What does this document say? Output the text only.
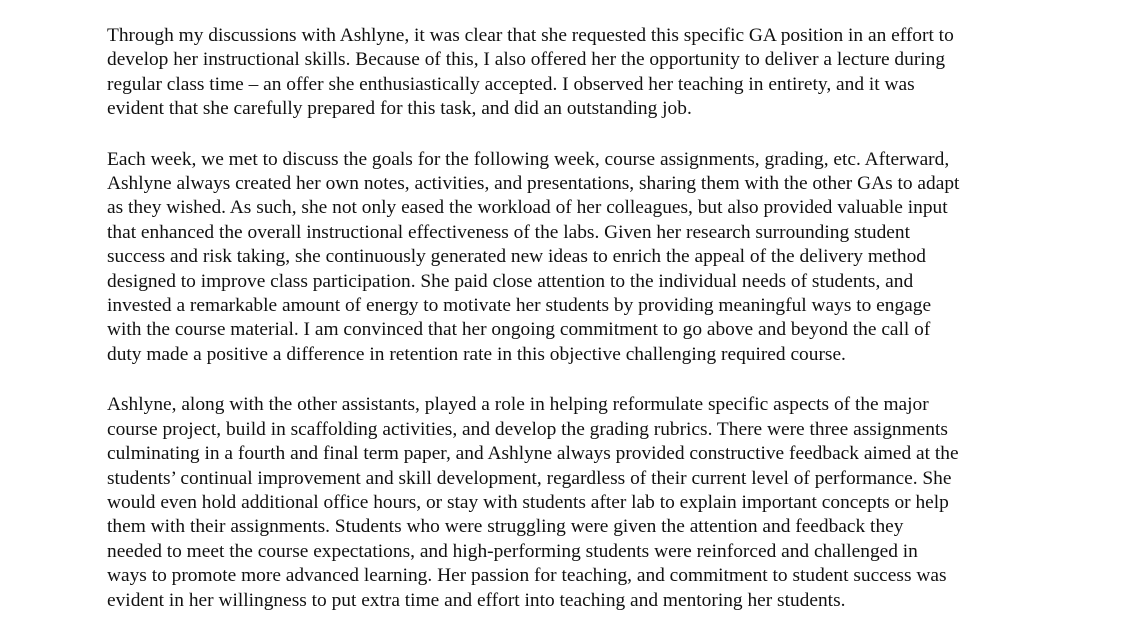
Through my discussions with Ashlyne, it was clear that she requested this specific GA position in an effort to
develop her instructional skills. Because of this, I also offered her the opportunity to deliver a lecture during
regular class time – an offer she enthusiastically accepted. I observed her teaching in entirety, and it was
evident that she carefully prepared for this task, and did an outstanding job.

Each week, we met to discuss the goals for the following week, course assignments, grading, etc. Afterward,
Ashlyne always created her own notes, activities, and presentations, sharing them with the other GAs to adapt
as they wished. As such, she not only eased the workload of her colleagues, but also provided valuable input
that enhanced the overall instructional effectiveness of the labs. Given her research surrounding student
success and risk taking, she continuously generated new ideas to enrich the appeal of the delivery method
designed to improve class participation. She paid close attention to the individual needs of students, and
invested a remarkable amount of energy to motivate her students by providing meaningful ways to engage
with the course material. I am convinced that her ongoing commitment to go above and beyond the call of
duty made a positive a difference in retention rate in this objective challenging required course.

Ashlyne, along with the other assistants, played a role in helping reformulate specific aspects of the major
course project, build in scaffolding activities, and develop the grading rubrics. There were three assignments
culminating in a fourth and final term paper, and Ashlyne always provided constructive feedback aimed at the
students’ continual improvement and skill development, regardless of their current level of performance. She
would even hold additional office hours, or stay with students after lab to explain important concepts or help
them with their assignments. Students who were struggling were given the attention and feedback they
needed to meet the course expectations, and high-performing students were reinforced and challenged in
ways to promote more advanced learning. Her passion for teaching, and commitment to student success was
evident in her willingness to put extra time and effort into teaching and mentoring her students.
